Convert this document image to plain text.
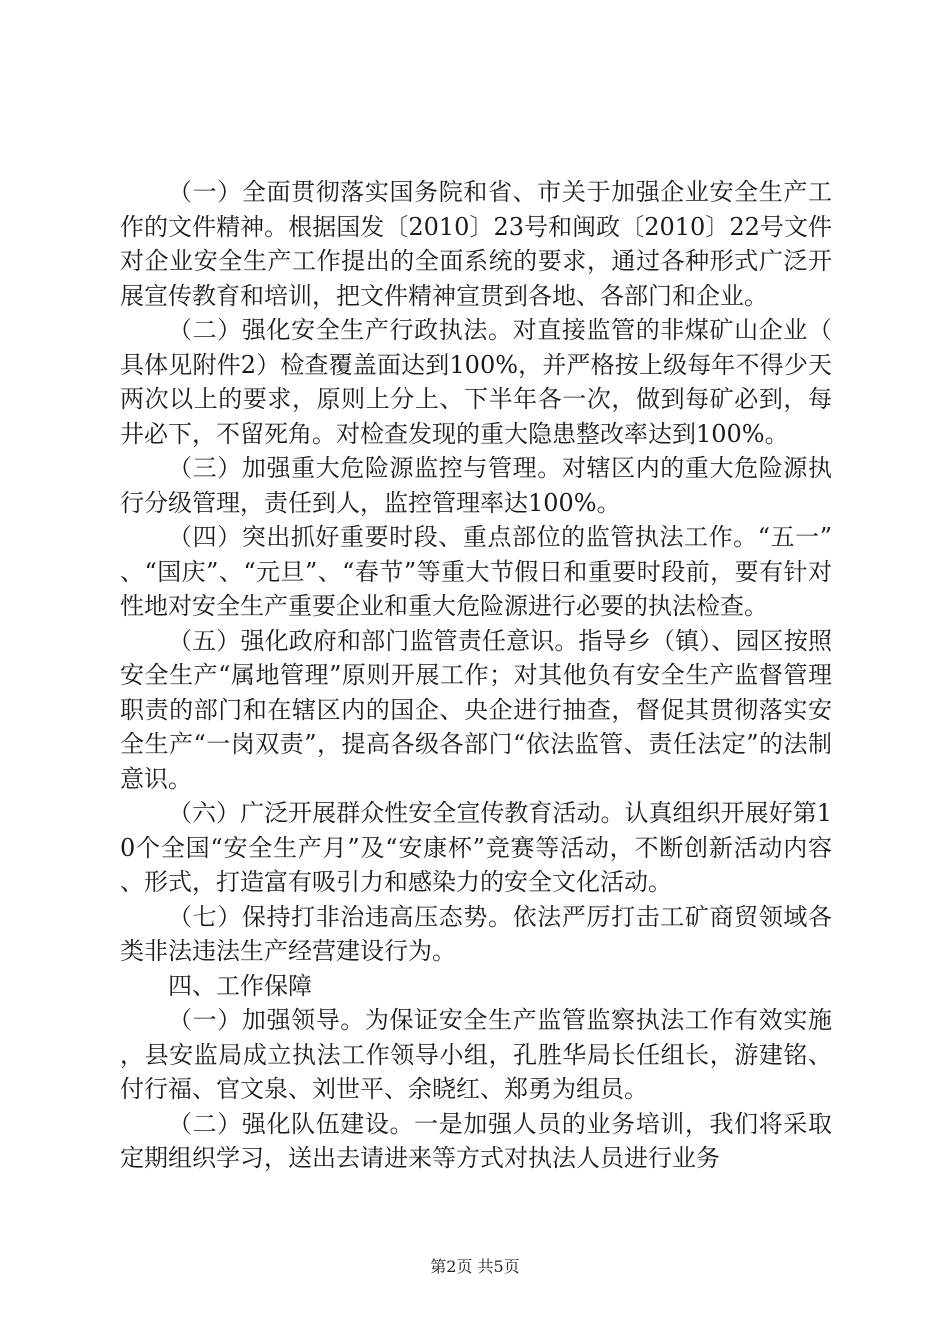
（一）全面贯彻落实国务院和省、市关于加强企业安全生产工作的文件精神。根据国发〔2010〕23号和闽政〔2010〕22号文件对企业安全生产工作提出的全面系统的要求，通过各种形式广泛开展宣传教育和培训，把文件精神宣贯到各地、各部门和企业。

（二）强化安全生产行政执法。对直接监管的非煤矿山企业（具体见附件2）检查覆盖面达到100%，并严格按上级每年不得少天两次以上的要求，原则上分上、下半年各一次，做到每矿必到，每井必下，不留死角。对检查发现的重大隐患整改率达到100%。

（三）加强重大危险源监控与管理。对辖区内的重大危险源执行分级管理，责任到人，监控管理率达100%。

（四）突出抓好重要时段、重点部位的监管执法工作。“五一”、“国庆”、“元旦”、“春节”等重大节假日和重要时段前，要有针对性地对安全生产重要企业和重大危险源进行必要的执法检查。

（五）强化政府和部门监管责任意识。指导乡（镇）、园区按照安全生产“属地管理”原则开展工作；对其他负有安全生产监督管理职责的部门和在辖区内的国企、央企进行抽查，督促其贯彻落实安全生产“一岗双责”，提高各级各部门“依法监管、责任法定”的法制意识。

（六）广泛开展群众性安全宣传教育活动。认真组织开展好第10个全国“安全生产月”及“安康杯”竞赛等活动，不断创新活动内容、形式，打造富有吸引力和感染力的安全文化活动。

（七）保持打非治违高压态势。依法严厉打击工矿商贸领域各类非法违法生产经营建设行为。

四、工作保障

（一）加强领导。为保证安全生产监管监察执法工作有效实施，县安监局成立执法工作领导小组，孔胜华局长任组长，游建铭、付行福、官文泉、刘世平、余晓红、郑勇为组员。

（二）强化队伍建设。一是加强人员的业务培训，我们将采取定期组织学习，送出去请进来等方式对执法人员进行业务

第2页 共5页
